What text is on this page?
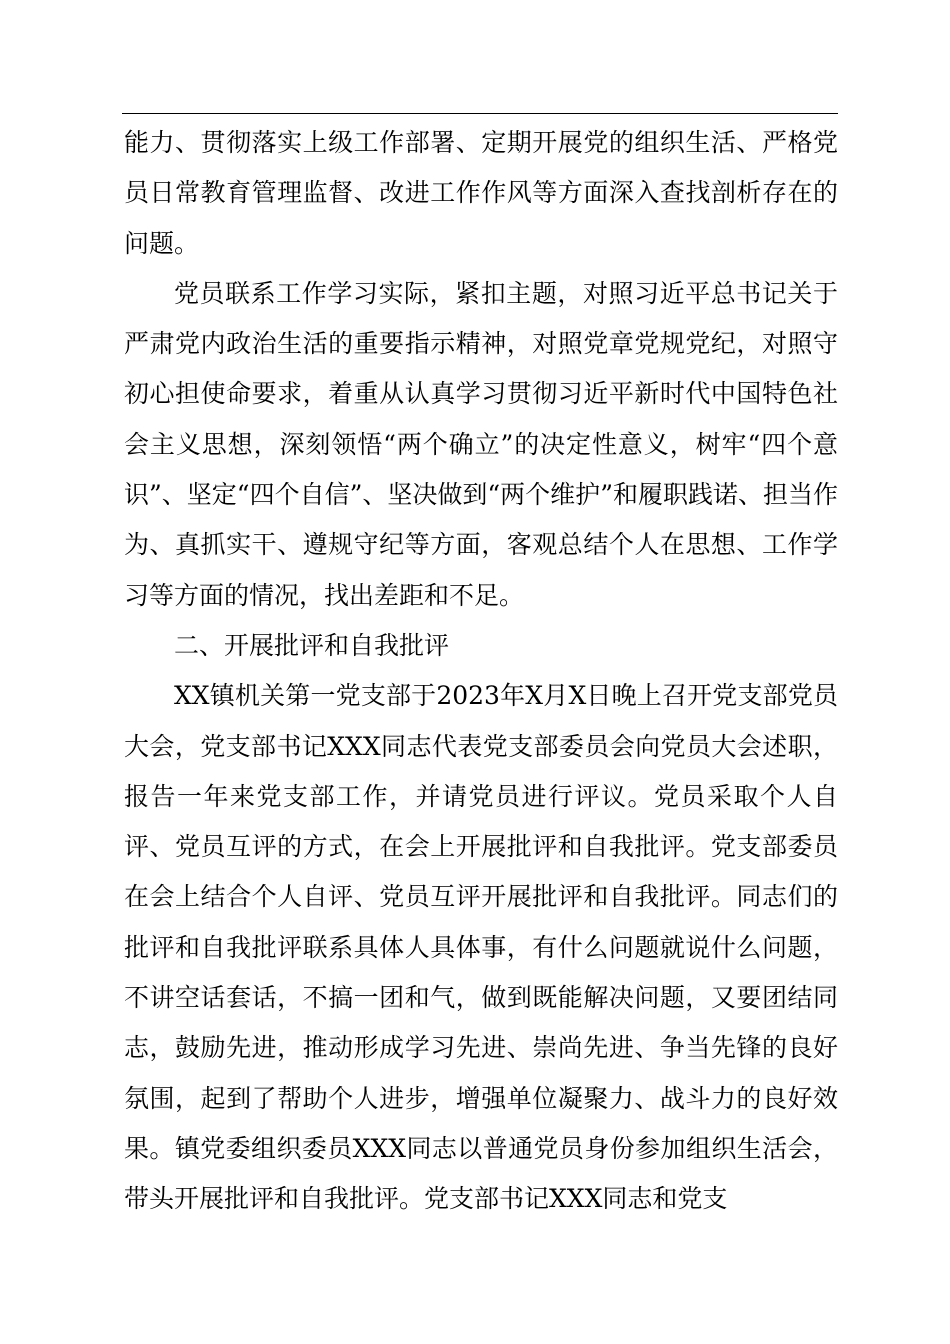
能力、贯彻落实上级工作部署、定期开展党的组织生活、严格党员日常教育管理监督、改进工作作风等方面深入查找剖析存在的问题。

党员联系工作学习实际，紧扣主题，对照习近平总书记关于严肃党内政治生活的重要指示精神，对照党章党规党纪，对照守初心担使命要求，着重从认真学习贯彻习近平新时代中国特色社会主义思想，深刻领悟“两个确立”的决定性意义，树牢“四个意识”、坚定“四个自信”、坚决做到“两个维护”和履职践诺、担当作为、真抓实干、遵规守纪等方面，客观总结个人在思想、工作学习等方面的情况，找出差距和不足。

二、开展批评和自我批评

XX镇机关第一党支部于2023年X月X日晚上召开党支部党员大会，党支部书记XXX同志代表党支部委员会向党员大会述职，报告一年来党支部工作，并请党员进行评议。党员采取个人自评、党员互评的方式，在会上开展批评和自我批评。党支部委员在会上结合个人自评、党员互评开展批评和自我批评。同志们的批评和自我批评联系具体人具体事，有什么问题就说什么问题，不讲空话套话，不搞一团和气，做到既能解决问题，又要团结同志，鼓励先进，推动形成学习先进、崇尚先进、争当先锋的良好氛围，起到了帮助个人进步，增强单位凝聚力、战斗力的良好效果。镇党委组织委员XXX同志以普通党员身份参加组织生活会，带头开展批评和自我批评。党支部书记XXX同志和党支
